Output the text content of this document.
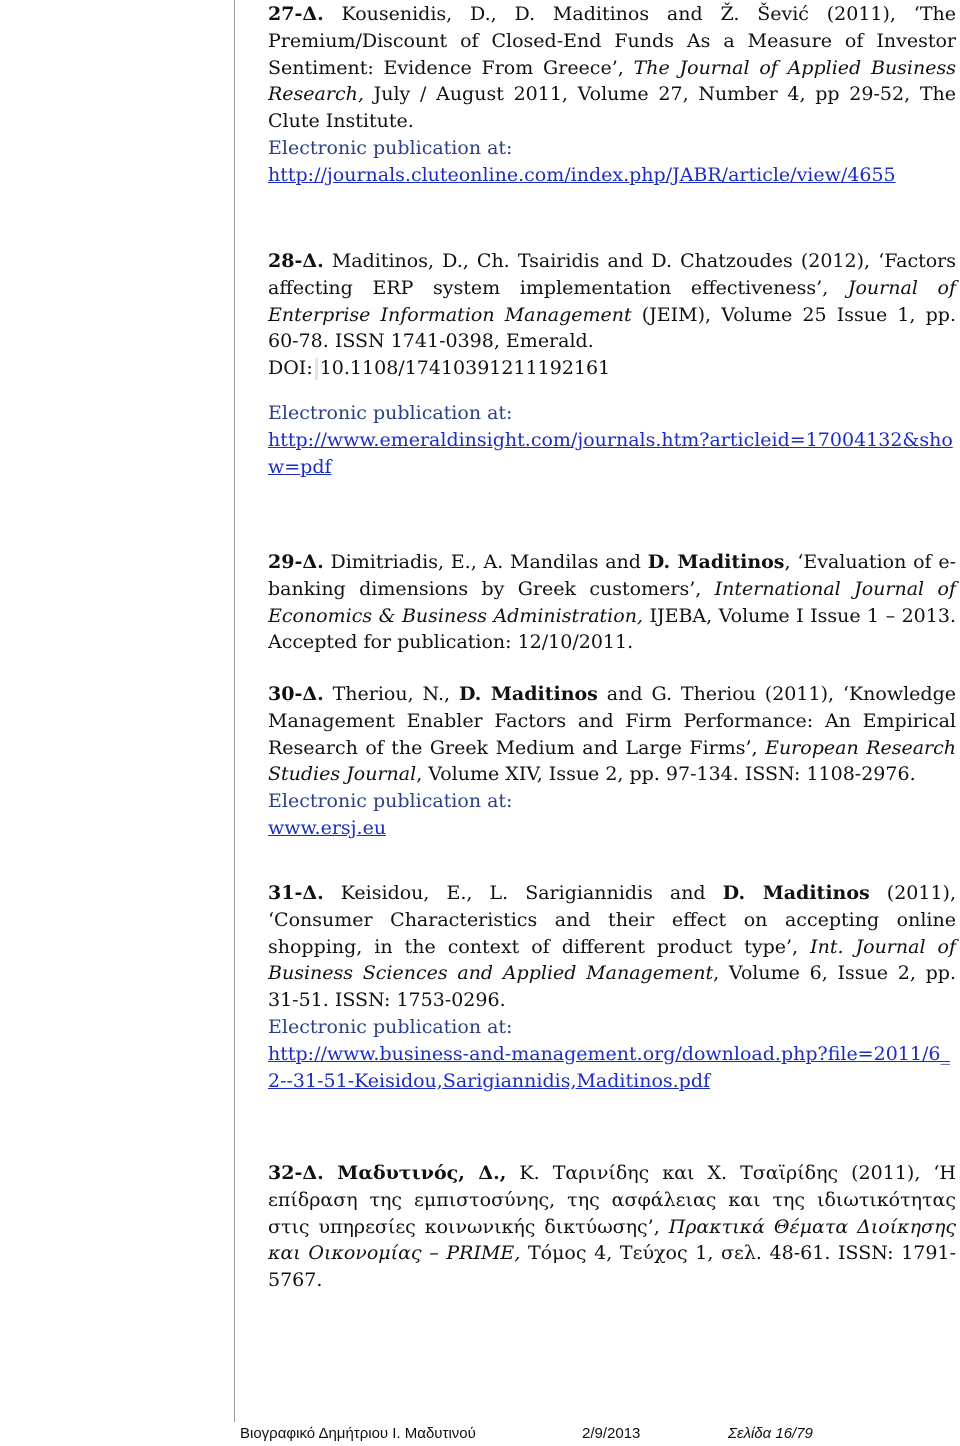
27-Δ. Kousenidis, D., D. Maditinos and Ž. Šević (2011), ‘The Premium/Discount of Closed-End Funds As a Measure of Investor Sentiment: Evidence From Greece’, The Journal of Applied Business Research, July / August 2011, Volume 27, Number 4, pp 29-52, The Clute Institute.

Electronic publication at:

http://journals.cluteonline.com/index.php/JABR/article/view/4655

28-Δ. Maditinos, D., Ch. Tsairidis and D. Chatzoudes (2012), ‘Factors affecting ERP system implementation effectiveness’, Journal of Enterprise Information Management (JEIM), Volume 25 Issue 1, pp. 60-78. ISSN 1741-0398, Emerald.

DOI: 10.1108/17410391211192161

Electronic publication at:

http://www.emeraldinsight.com/journals.htm?articleid=17004132&show=pdf

29-Δ. Dimitriadis, E., A. Mandilas and D. Maditinos, ‘Evaluation of e-banking dimensions by Greek customers’, International Journal of Economics & Business Administration, IJEBA, Volume I Issue 1 – 2013. Accepted for publication: 12/10/2011.

30-Δ. Theriou, N., D. Maditinos and G. Theriou (2011), ‘Knowledge Management Enabler Factors and Firm Performance: An Empirical Research of the Greek Medium and Large Firms’, European Research Studies Journal, Volume XIV, Issue 2, pp. 97-134. ISSN: 1108-2976.

Electronic publication at:

www.ersj.eu

31-Δ. Keisidou, E., L. Sarigiannidis and D. Maditinos (2011), ‘Consumer Characteristics and their effect on accepting online shopping, in the context of different product type’, Int. Journal of Business Sciences and Applied Management, Volume 6, Issue 2, pp. 31-51. ISSN: 1753-0296.

Electronic publication at:

http://www.business-and-management.org/download.php?file=2011/6_2--31-51-Keisidou,Sarigiannidis,Maditinos.pdf

32-Δ. Μαδυτινός, Δ., Κ. Ταρινίδης και Χ. Τσαϊρίδης (2011), ‘Η επίδραση της εμπιστοσύνης, της ασφάλειας και της ιδιωτικότητας στις υπηρεσίες κοινωνικής δικτύωσης’, Πρακτικά Θέματα Διοίκησης και Οικονομίας – PRIME, Τόμος 4, Τεύχος 1, σελ. 48-61. ISSN: 1791-5767.

Βιογραφικό Δημήτριου Ι. Μαδυτινού	2/9/2013	Σελίδα 16/79
